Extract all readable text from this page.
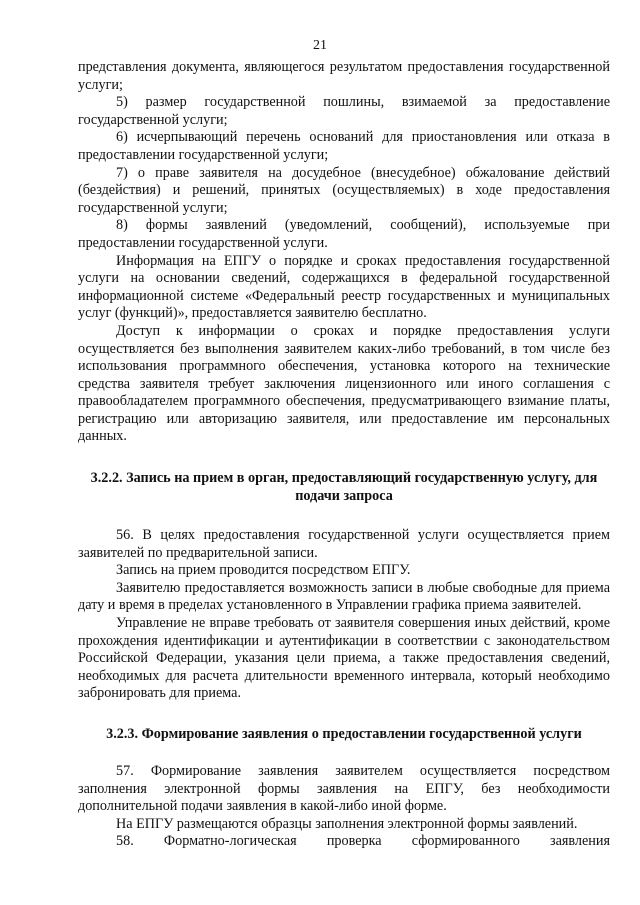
21

представления документа, являющегося результатом предоставления государственной услуги;

5) размер государственной пошлины, взимаемой за предоставление государственной услуги;

6) исчерпывающий перечень оснований для приостановления или отказа в предоставлении государственной услуги;

7) о праве заявителя на досудебное (внесудебное) обжалование действий (бездействия) и решений, принятых (осуществляемых) в ходе предоставления государственной услуги;

8) формы заявлений (уведомлений, сообщений), используемые при предоставлении государственной услуги.

Информация на ЕПГУ о порядке и сроках предоставления государственной услуги на основании сведений, содержащихся в федеральной государственной информационной системе «Федеральный реестр государственных и муниципальных услуг (функций)», предоставляется заявителю бесплатно.

Доступ к информации о сроках и порядке предоставления услуги осуществляется без выполнения заявителем каких-либо требований, в том числе без использования программного обеспечения, установка которого на технические средства заявителя требует заключения лицензионного или иного соглашения с правообладателем программного обеспечения, предусматривающего взимание платы, регистрацию или авторизацию заявителя, или предоставление им персональных данных.

3.2.2. Запись на прием в орган, предоставляющий государственную услугу, для подачи запроса

56. В целях предоставления государственной услуги осуществляется прием заявителей по предварительной записи.

Запись на прием проводится посредством ЕПГУ.

Заявителю предоставляется возможность записи в любые свободные для приема дату и время в пределах установленного в Управлении графика приема заявителей.

Управление не вправе требовать от заявителя совершения иных действий, кроме прохождения идентификации и аутентификации в соответствии с законодательством Российской Федерации, указания цели приема, а также предоставления сведений, необходимых для расчета длительности временного интервала, который необходимо забронировать для приема.

3.2.3. Формирование заявления о предоставлении государственной услуги

57. Формирование заявления заявителем осуществляется посредством заполнения электронной формы заявления на ЕПГУ, без необходимости дополнительной подачи заявления в какой-либо иной форме.

На ЕПГУ размещаются образцы заполнения электронной формы заявлений.

58. Форматно-логическая проверка сформированного заявления
